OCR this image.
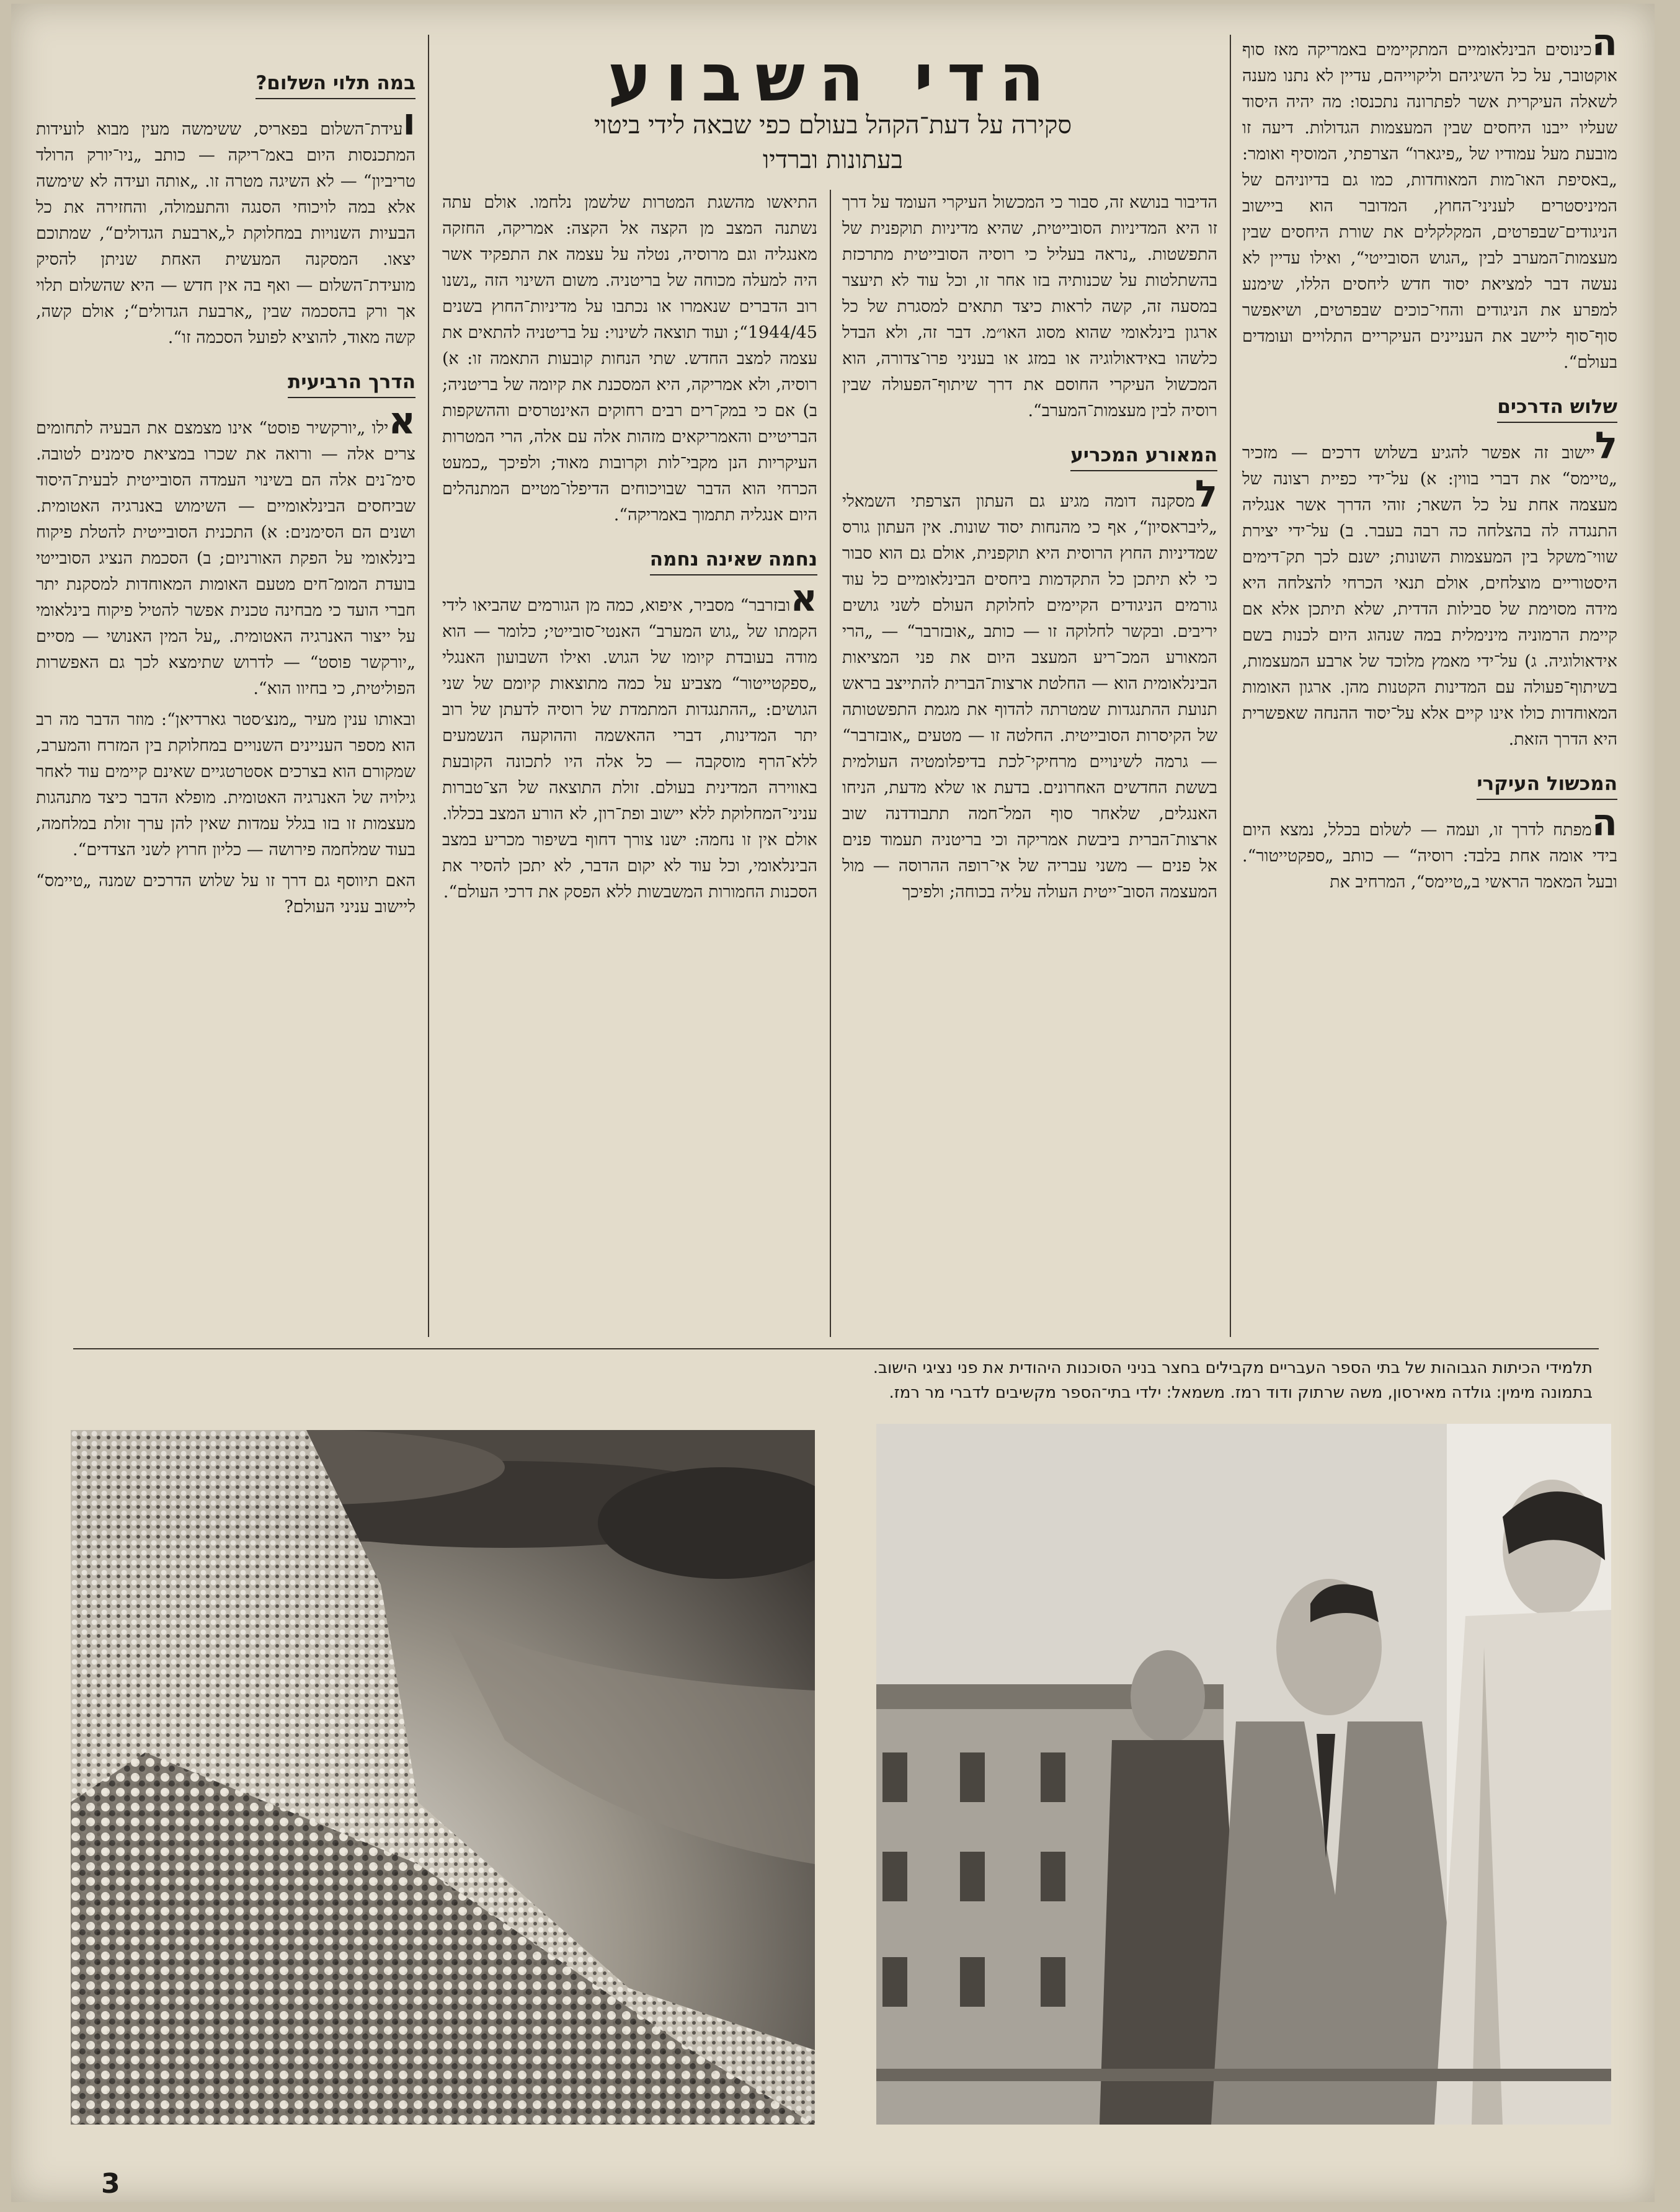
הדי השבוע
סקירה על דעת־הקהל בעולם כפי שבאה לידי ביטוי
בעתונות וברדיו

הכינוסים הבינלאומיים המתקיימים באמריקה מאז סוף אוקטובר, על כל השיגיהם וליקוייהם, עדיין לא נתנו מענה לשאלה העיקרית אשר לפתרונה נתכנסו: מה יהיה היסוד שעליו ייבנו היחסים שבין המעצמות הגדולות. דיעה זו מובעת מעל עמודיו של „פיגארו“ הצרפתי, המוסיף ואומר: „באסיפת האו־מות המאוחדות, כמו גם בדיוניהם של המיניסטרים לעניני־החוץ, המדובר הוא ביישוב הניגודים־שבפרטים, המקלקלים את שורת היחסים שבין מעצמות־המערב לבין „הגוש הסובייטי“, ואילו עדיין לא נעשה דבר למציאת יסוד חדש ליחסים הללו, שימנע למפרע את הניגודים והחי־כוכים שבפרטים, ושיאפשר סוף־סוף ליישב את העניינים העיקריים התלויים ועומדים בעולם“.

שלוש הדרכים

ליישוב זה אפשר להגיע בשלוש דרכים — מזכיר „טיימס“ את דברי בווין: א) על־ידי כפיית רצונה של מעצמה אחת על כל השאר; זוהי הדרך אשר אנגליה התנגדה לה בהצלחה כה רבה בעבר. ב) על־ידי יצירת שווי־משקל בין המעצמות השונות; ישנם לכך תק־דימים היסטוריים מוצלחים, אולם תנאי הכרחי להצלחה היא מידה מסוימת של סבילות הדדית, שלא תיתכן אלא אם קיימת הרמוניה מינימלית במה שנהוג היום לכנות בשם אידאולוגיה. ג) על־ידי מאמץ מלוכד של ארבע המעצמות, בשיתוף־פעולה עם המדינות הקטנות מהן. ארגון האומות המאוחדות כולו אינו קיים אלא על־יסוד ההנחה שאפשרית היא הדרך הזאת.

המכשול העיקרי

המפתח לדרך זו, ועמה — לשלום בכלל, נמצא היום בידי אומה אחת בלבד: רוסיה“ — כותב „ספקטייטור“. ובעל המאמר הראשי ב„טיימס“, המרחיב את

הדיבור בנושא זה, סבור כי המכשול העיקרי העומד על דרך זו היא המדיניות הסובייטית, שהיא מדיניות תוקפנית של התפשטות. „נראה בעליל כי רוסיה הסובייטית מתרכזת בהשתלטות על שכנותיה בזו אחר זו, וכל עוד לא תיעצר במסעה זה, קשה לראות כיצד תתאים למסגרת של כל ארגון בינלאומי שהוא מסוג האו״מ. דבר זה, ולא הבדל כלשהו באידאולוגיה או במזג או בעניני פרו־צדורה, הוא המכשול העיקרי החוסם את דרך שיתוף־הפעולה שבין רוסיה לבין מעצמות־המערב“.

המאורע המכריע

למסקנה דומה מגיע גם העתון הצרפתי השמאלי „ליבראסיון“, אף כי מהנחות יסוד שונות. אין העתון גורס שמדיניות החוץ הרוסית היא תוקפנית, אולם גם הוא סבור כי לא תיתכן כל התקדמות ביחסים הבינלאומיים כל עוד גורמים הניגודים הקיימים לחלוקת העולם לשני גושים יריבים. ובקשר לחלוקה זו — כותב „אובזרבר“ — „הרי המאורע המכ־ריע המעצב היום את פני המציאות הבינלאומית הוא — החלטת ארצות־הברית להתייצב בראש תנועת ההתנגדות שמטרתה להדוף את מגמת התפשטותה של הקיסרות הסובייטית. החלטה זו — מטעים „אובזרבר“ — גרמה לשינויים מרחיקי־לכת בדיפלומטיה העולמית בששת החדשים האחרונים. בדעת או שלא מדעת, הניחו האנגלים, שלאחר סוף המל־חמה תתבודדנה שוב ארצות־הברית ביבשת אמריקה וכי בריטניה תעמוד פנים אל פנים — משני עבריה של אי־רופה ההרוסה — מול המעצמה הסוב־ייטית העולה עליה בכוחה; ולפיכך

התיאשו מהשגת המטרות שלשמן נלחמו. אולם עתה נשתנה המצב מן הקצה אל הקצה: אמריקה, החזקה מאנגליה וגם מרוסיה, נטלה על עצמה את התפקיד אשר היה למעלה מכוחה של בריטניה. משום השינוי הזה „נשנו רוב הדברים שנאמרו או נכתבו על מדיניות־החוץ בשנים 1944/45“; ועוד תוצאה לשינוי: על בריטניה להתאים את עצמה למצב החדש. שתי הנחות קובעות התאמה זו: א) רוסיה, ולא אמריקה, היא המסכנת את קיומה של בריטניה; ב) אם כי במק־רים רבים רחוקים האינטרסים וההשקפות הבריטיים והאמריקאים מזהות אלה עם אלה, הרי המטרות העיקריות הנן מקבי־לות וקרובות מאוד; ולפיכך „כמעט הכרחי הוא הדבר שבויכוחים הדיפלו־מטיים המתנהלים היום אנגליה תתמוך באמריקה“.

נחמה שאינה נחמה

אובזרבר“ מסביר, איפוא, כמה מן הגורמים שהביאו לידי הקמתו של „גוש המערב“ האנטי־סובייטי; כלומר — הוא מודה בעובדת קיומו של הגוש. ואילו השבועון האנגלי „ספקטייטור“ מצביע על כמה מתוצאות קיומם של שני הגושים: „ההתנגדות המתמדת של רוסיה לדעתן של רוב יתר המדינות, דברי ההאשמה וההוקעה הנשמעים ללא־הרף מוסקבה — כל אלה היו לתכונה הקובעת באווירה המדינית בעולם. זולת התוצאה של הצ־טברות עניני־המחלוקת ללא יישוב ופת־רון, לא הורע המצב בכללו. אולם אין זו נחמה: ישנו צורך דחוף בשיפור מכריע במצב הבינלאומי, וכל עוד לא יקום הדבר, לא יתכן להסיר את הסכנות החמורות המשבשות ללא הפסק את דרכי העולם“.

במה תלוי השלום?

ועידת־השלום בפאריס, ששימשה מעין מבוא לועידות המתכנסות היום באמ־ריקה — כותב „ניו־יורק הרולד טריביון“ — לא השיגה מטרה זו. „אותה ועידה לא שימשה אלא במה לויכוחי הסנגה והתעמולה, והחזירה את כל הבעיות השנויות במחלוקת ל„ארבעת הגדולים“, שמתוכם יצאו. המסקנה המעשית האחת שניתן להסיק מועידת־השלום — ואף בה אין חדש — היא שהשלום תלוי אך ורק בהסכמה שבין „ארבעת הגדולים“; אולם קשה, קשה מאוד, להוציא לפועל הסכמה זו“.

הדרך הרביעית

אילו „יורקשיר פוסט“ אינו מצמצם את הבעיה לתחומים צרים אלה — ורואה את שכרו במציאת סימנים לטובה. סימ־נים אלה הם בשינוי העמדה הסובייטית לבעית־היסוד שביחסים הבינלאומיים — השימוש באנרגיה האטומית. ושנים הם הסימנים: א) התכנית הסובייטית להטלת פיקוח בינלאומי על הפקת האורניום; ב) הסכמת הנציג הסובייטי בועדת המומ־חים מטעם האומות המאוחדות למסקנת יתר חברי הועד כי מבחינה טכנית אפשר להטיל פיקוח בינלאומי על ייצור האנרגיה האטומית. „על המין האנושי — מסיים „יורקשר פוסט“ — לדרוש שתימצא לכך גם האפשרות הפוליטית, כי בחיוו הוא“.

ובאותו ענין מעיר „מנצ׳סטר גארדיאן“: מוזר הדבר מה רב הוא מספר העניינים השנויים במחלוקת בין המזרח והמערב, שמקורם הוא בצרכים אסטרטגיים שאינם קיימים עוד לאחר גילויה של האנרגיה האטומית. מופלא הדבר כיצד מתנהגות מעצמות זו בזו בגלל עמדות שאין להן ערך זולת במלחמה, בעוד שמלחמה פירושה — כליון חרוץ לשני הצדדים“.

האם תיווסף גם דרך זו על שלוש הדרכים שמנה „טיימס“ ליישוב עניני העולם?

תלמידי הכיתות הגבוהות של בתי הספר העבריים מקבילים בחצר בניני הסוכנות היהודית את פני נציגי הישוב.
בתמונה מימין: גולדה מאירסון, משה שרתוק ודוד רמז. משמאל: ילדי בתי־הספר מקשיבים לדברי מר רמז.
3
